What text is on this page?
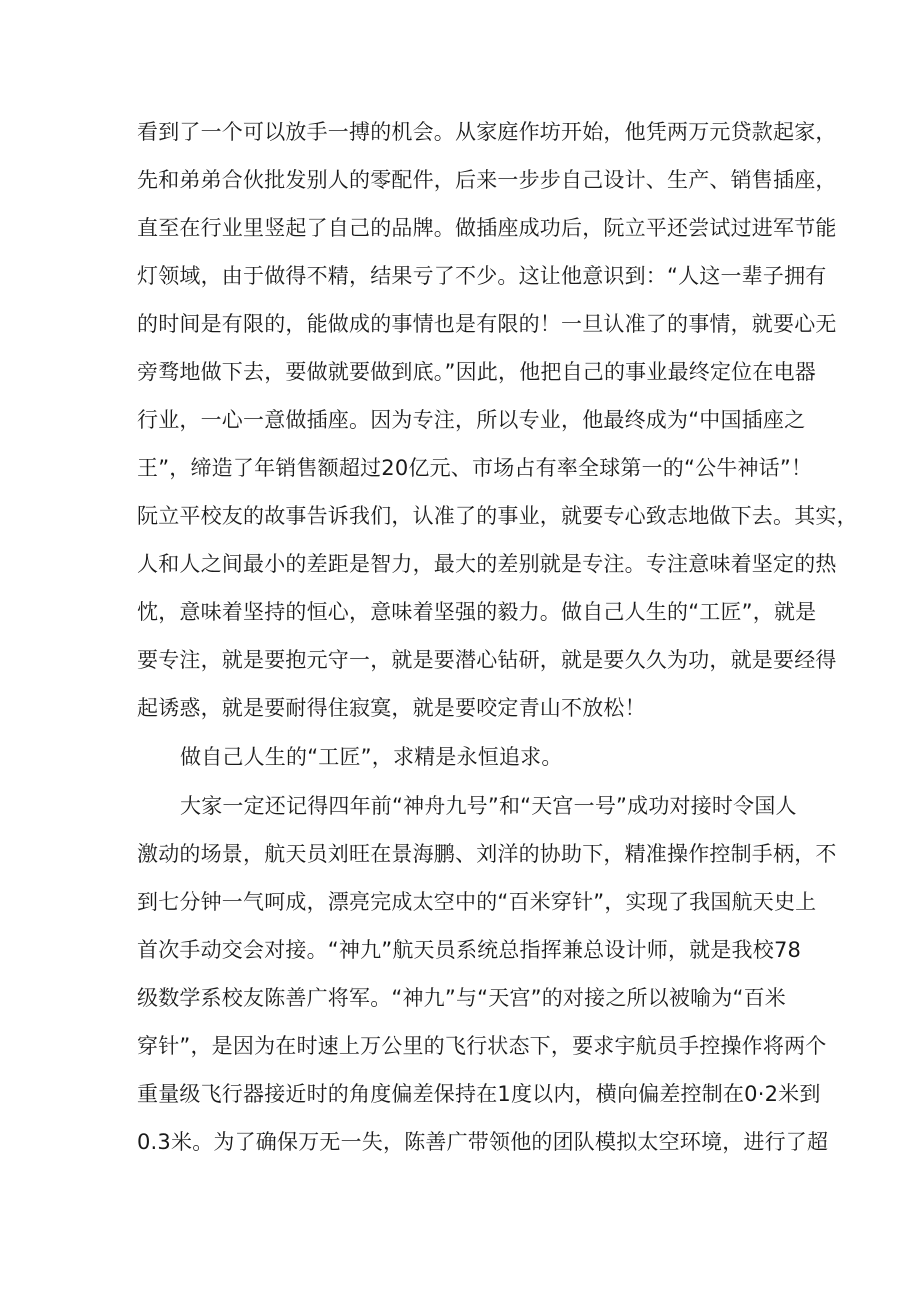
看到了一个可以放手一搏的机会。从家庭作坊开始，他凭两万元贷款起家，
先和弟弟合伙批发别人的零配件，后来一步步自己设计、生产、销售插座，
直至在行业里竖起了自己的品牌。做插座成功后，阮立平还尝试过进军节能
灯领域，由于做得不精，结果亏了不少。这让他意识到：“人这一辈子拥有
的时间是有限的，能做成的事情也是有限的！一旦认准了的事情，就要心无
旁骛地做下去，要做就要做到底。”因此，他把自己的事业最终定位在电器
行业，一心一意做插座。因为专注，所以专业，他最终成为“中国插座之
王”，缔造了年销售额超过20亿元、市场占有率全球第一的“公牛神话”！
阮立平校友的故事告诉我们，认准了的事业，就要专心致志地做下去。其实，
人和人之间最小的差距是智力，最大的差别就是专注。专注意味着坚定的热
忱，意味着坚持的恒心，意味着坚强的毅力。做自己人生的“工匠”，就是
要专注，就是要抱元守一，就是要潜心钻研，就是要久久为功，就是要经得
起诱惑，就是要耐得住寂寞，就是要咬定青山不放松！
做自己人生的“工匠”，求精是永恒追求。
大家一定还记得四年前“神舟九号”和“天宫一号”成功对接时令国人
激动的场景，航天员刘旺在景海鹏、刘洋的协助下，精准操作控制手柄，不
到七分钟一气呵成，漂亮完成太空中的“百米穿针”，实现了我国航天史上
首次手动交会对接。“神九”航天员系统总指挥兼总设计师，就是我校78
级数学系校友陈善广将军。“神九”与“天宫”的对接之所以被喻为“百米
穿针”，是因为在时速上万公里的飞行状态下，要求宇航员手控操作将两个
重量级飞行器接近时的角度偏差保持在1度以内，横向偏差控制在0·2米到
0.3米。为了确保万无一失，陈善广带领他的团队模拟太空环境，进行了超
